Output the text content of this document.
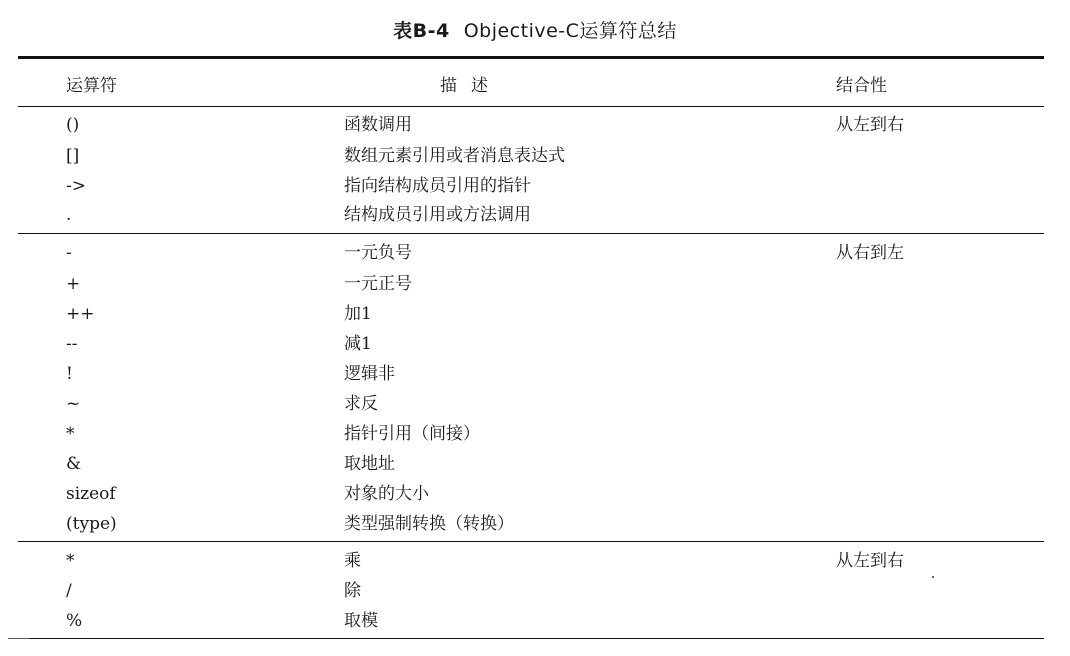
表B-4 Objective-C运算符总结
运算符	描述	结合性
()	函数调用	从左到右
[]	数组元素引用或者消息表达式
->	指向结构成员引用的指针
.	结构成员引用或方法调用
-	一元负号	从右到左
+	一元正号
++	加1
--	减1
!	逻辑非
~	求反
*	指针引用（间接）
&	取地址
sizeof	对象的大小
(type)	类型强制转换（转换）
*	乘	从左到右
/	除
%	取模
